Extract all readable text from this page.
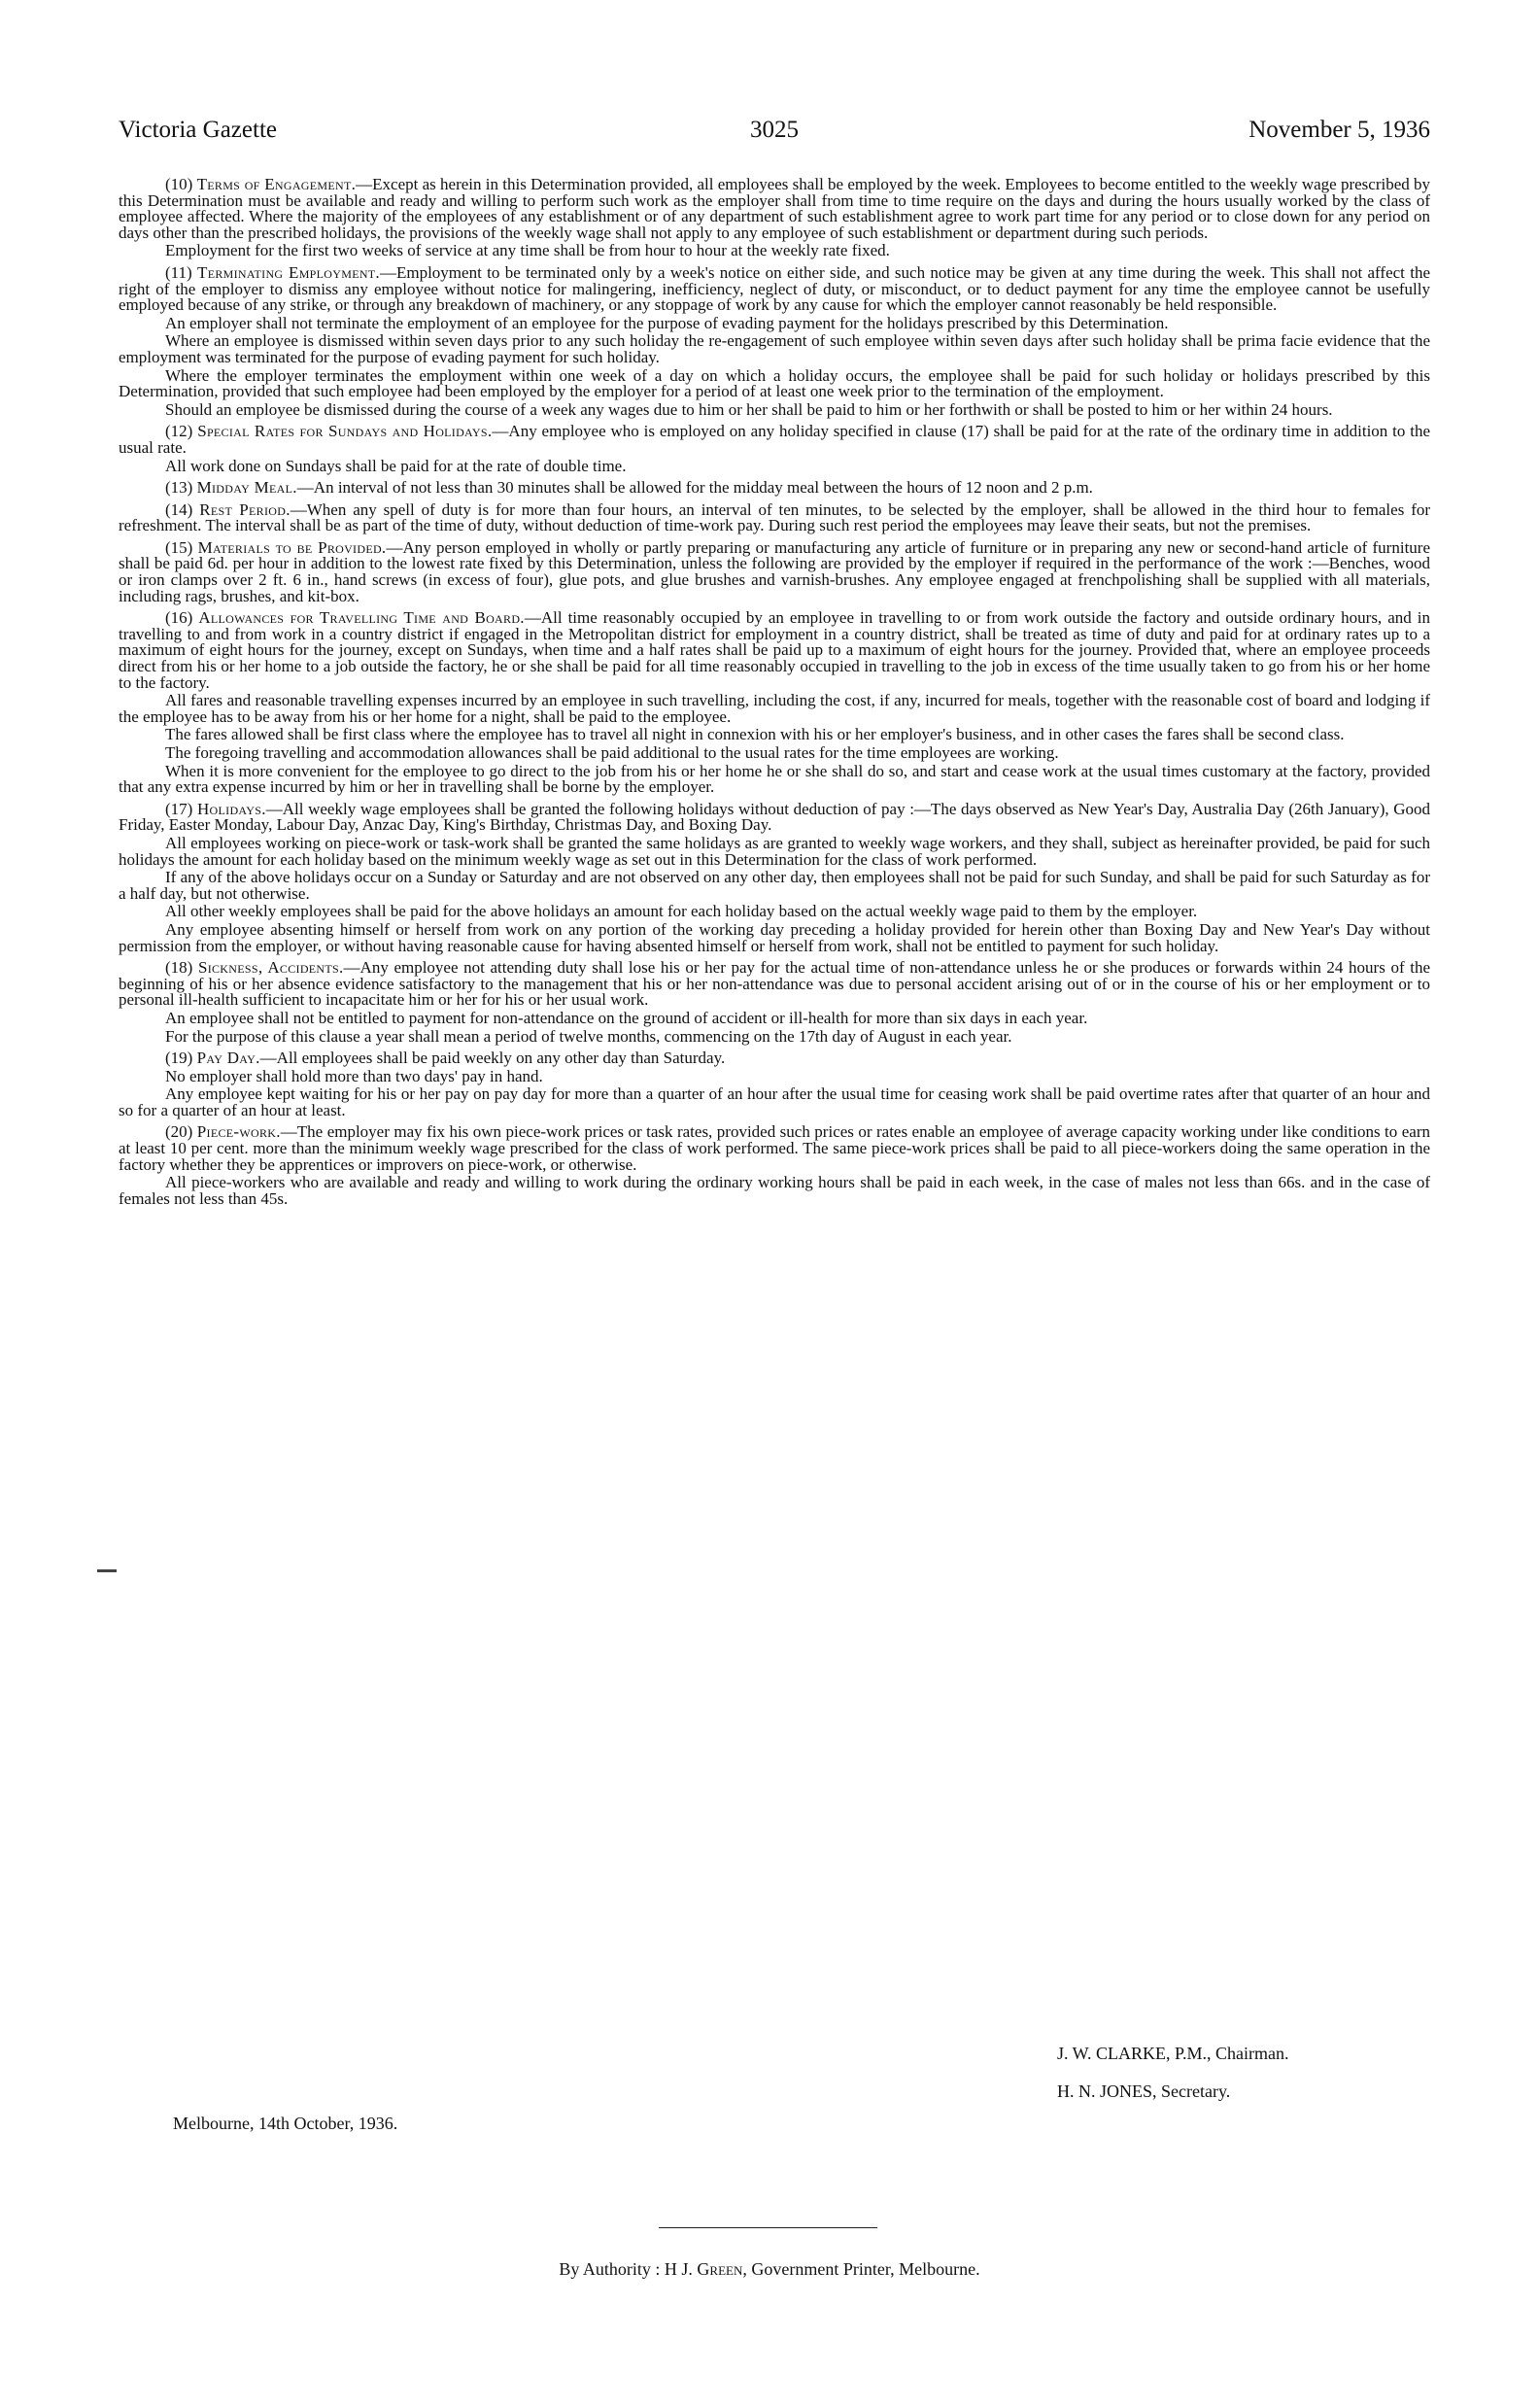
Victoria Gazette	3025	November 5, 1936

(10) Terms of Engagement.—Except as herein in this Determination provided, all employees shall be employed by the week. Employees to become entitled to the weekly wage prescribed by this Determination must be available and ready and willing to perform such work as the employer shall from time to time require on the days and during the hours usually worked by the class of employee affected. Where the majority of the employees of any establishment or of any department of such establishment agree to work part time for any period or to close down for any period on days other than the prescribed holidays, the provisions of the weekly wage shall not apply to any employee of such establishment or department during such periods.

Employment for the first two weeks of service at any time shall be from hour to hour at the weekly rate fixed.

(11) Terminating Employment.—Employment to be terminated only by a week's notice on either side, and such notice may be given at any time during the week. This shall not affect the right of the employer to dismiss any employee without notice for malingering, inefficiency, neglect of duty, or misconduct, or to deduct payment for any time the employee cannot be usefully employed because of any strike, or through any breakdown of machinery, or any stoppage of work by any cause for which the employer cannot reasonably be held responsible.

An employer shall not terminate the employment of an employee for the purpose of evading payment for the holidays prescribed by this Determination.

Where an employee is dismissed within seven days prior to any such holiday the re-engagement of such employee within seven days after such holiday shall be prima facie evidence that the employment was terminated for the purpose of evading payment for such holiday.

Where the employer terminates the employment within one week of a day on which a holiday occurs, the employee shall be paid for such holiday or holidays prescribed by this Determination, provided that such employee had been employed by the employer for a period of at least one week prior to the termination of the employment.

Should an employee be dismissed during the course of a week any wages due to him or her shall be paid to him or her forthwith or shall be posted to him or her within 24 hours.

(12) Special Rates for Sundays and Holidays.—Any employee who is employed on any holiday specified in clause (17) shall be paid for at the rate of the ordinary time in addition to the usual rate.

All work done on Sundays shall be paid for at the rate of double time.

(13) Midday Meal.—An interval of not less than 30 minutes shall be allowed for the midday meal between the hours of 12 noon and 2 p.m.

(14) Rest Period.—When any spell of duty is for more than four hours, an interval of ten minutes, to be selected by the employer, shall be allowed in the third hour to females for refreshment. The interval shall be as part of the time of duty, without deduction of time-work pay. During such rest period the employees may leave their seats, but not the premises.

(15) Materials to be Provided.—Any person employed in wholly or partly preparing or manufacturing any article of furniture or in preparing any new or second-hand article of furniture shall be paid 6d. per hour in addition to the lowest rate fixed by this Determination, unless the following are provided by the employer if required in the performance of the work :—Benches, wood or iron clamps over 2 ft. 6 in., hand screws (in excess of four), glue pots, and glue brushes and varnish-brushes. Any employee engaged at frenchpolishing shall be supplied with all materials, including rags, brushes, and kit-box.

(16) Allowances for Travelling Time and Board.—All time reasonably occupied by an employee in travelling to or from work outside the factory and outside ordinary hours, and in travelling to and from work in a country district if engaged in the Metropolitan district for employment in a country district, shall be treated as time of duty and paid for at ordinary rates up to a maximum of eight hours for the journey, except on Sundays, when time and a half rates shall be paid up to a maximum of eight hours for the journey. Provided that, where an employee proceeds direct from his or her home to a job outside the factory, he or she shall be paid for all time reasonably occupied in travelling to the job in excess of the time usually taken to go from his or her home to the factory.

All fares and reasonable travelling expenses incurred by an employee in such travelling, including the cost, if any, incurred for meals, together with the reasonable cost of board and lodging if the employee has to be away from his or her home for a night, shall be paid to the employee.

The fares allowed shall be first class where the employee has to travel all night in connexion with his or her employer's business, and in other cases the fares shall be second class.

The foregoing travelling and accommodation allowances shall be paid additional to the usual rates for the time employees are working.

When it is more convenient for the employee to go direct to the job from his or her home he or she shall do so, and start and cease work at the usual times customary at the factory, provided that any extra expense incurred by him or her in travelling shall be borne by the employer.

(17) Holidays.—All weekly wage employees shall be granted the following holidays without deduction of pay :—The days observed as New Year's Day, Australia Day (26th January), Good Friday, Easter Monday, Labour Day, Anzac Day, King's Birthday, Christmas Day, and Boxing Day.

All employees working on piece-work or task-work shall be granted the same holidays as are granted to weekly wage workers, and they shall, subject as hereinafter provided, be paid for such holidays the amount for each holiday based on the minimum weekly wage as set out in this Determination for the class of work performed.

If any of the above holidays occur on a Sunday or Saturday and are not observed on any other day, then employees shall not be paid for such Sunday, and shall be paid for such Saturday as for a half day, but not otherwise.

All other weekly employees shall be paid for the above holidays an amount for each holiday based on the actual weekly wage paid to them by the employer.

Any employee absenting himself or herself from work on any portion of the working day preceding a holiday provided for herein other than Boxing Day and New Year's Day without permission from the employer, or without having reasonable cause for having absented himself or herself from work, shall not be entitled to payment for such holiday.

(18) Sickness, Accidents.—Any employee not attending duty shall lose his or her pay for the actual time of non-attendance unless he or she produces or forwards within 24 hours of the beginning of his or her absence evidence satisfactory to the management that his or her non-attendance was due to personal accident arising out of or in the course of his or her employment or to personal ill-health sufficient to incapacitate him or her for his or her usual work.

An employee shall not be entitled to payment for non-attendance on the ground of accident or ill-health for more than six days in each year.

For the purpose of this clause a year shall mean a period of twelve months, commencing on the 17th day of August in each year.

(19) Pay Day.—All employees shall be paid weekly on any other day than Saturday.

No employer shall hold more than two days' pay in hand.

Any employee kept waiting for his or her pay on pay day for more than a quarter of an hour after the usual time for ceasing work shall be paid overtime rates after that quarter of an hour and so for a quarter of an hour at least.

(20) Piece-work.—The employer may fix his own piece-work prices or task rates, provided such prices or rates enable an employee of average capacity working under like conditions to earn at least 10 per cent. more than the minimum weekly wage prescribed for the class of work performed. The same piece-work prices shall be paid to all piece-workers doing the same operation in the factory whether they be apprentices or improvers on piece-work, or otherwise.

All piece-workers who are available and ready and willing to work during the ordinary working hours shall be paid in each week, in the case of males not less than 66s. and in the case of females not less than 45s.

J. W. CLARKE, P.M., Chairman.
H. N. JONES, Secretary.
Melbourne, 14th October, 1936.
By Authority : H J. Green, Government Printer, Melbourne.
